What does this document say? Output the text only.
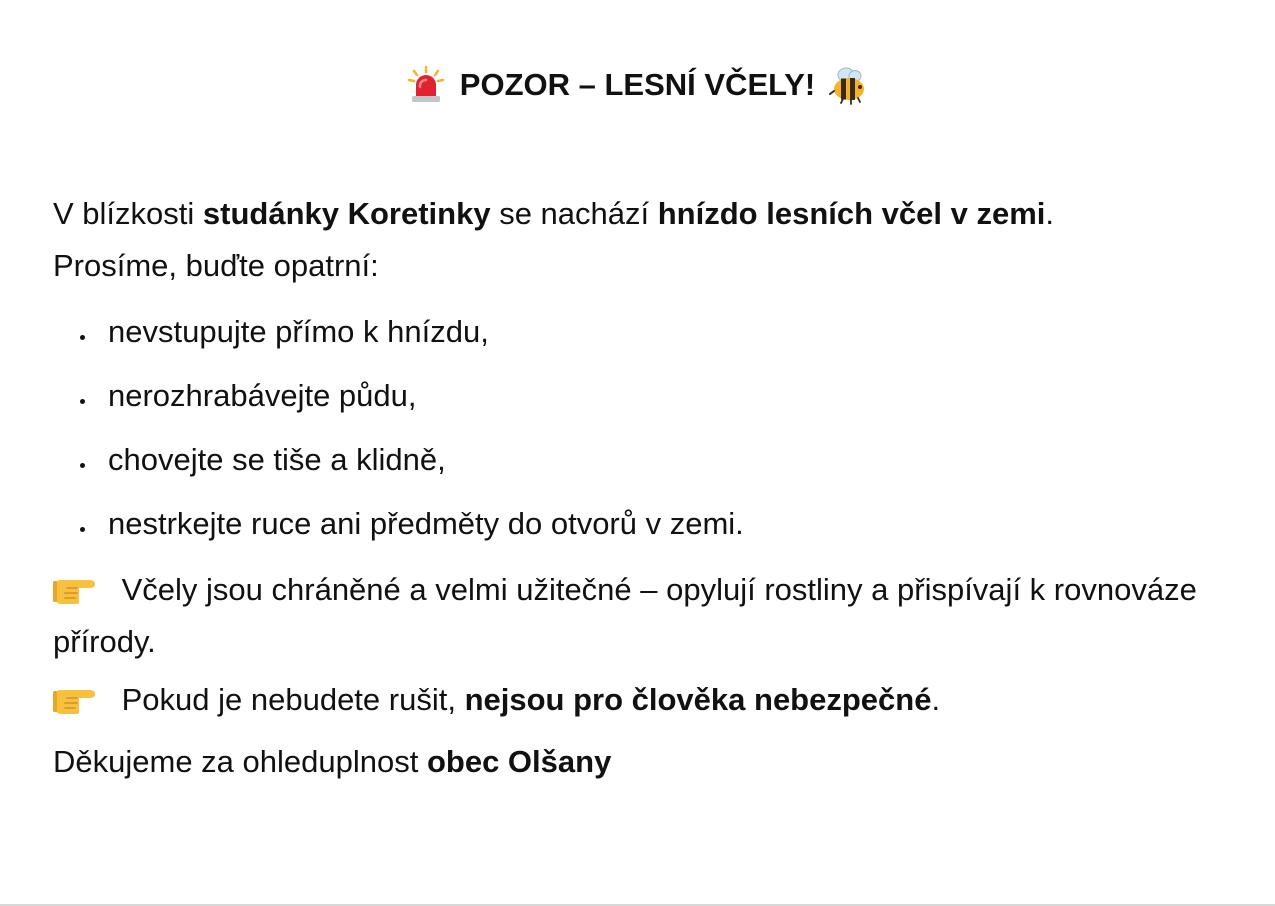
POZOR – LESNÍ VČELY!

V blízkosti studánky Koretinky se nachází hnízdo lesních včel v zemi.
Prosíme, buďte opatrní:

nevstupujte přímo k hnízdu,
nerozhrabávejte půdu,
chovejte se tiše a klidně,
nestrkejte ruce ani předměty do otvorů v zemi.

Včely jsou chráněné a velmi užitečné – opylují rostliny a přispívají k rovnováze přírody.

Pokud je nebudete rušit, nejsou pro člověka nebezpečné.

Děkujeme za ohleduplnost obec Olšany
